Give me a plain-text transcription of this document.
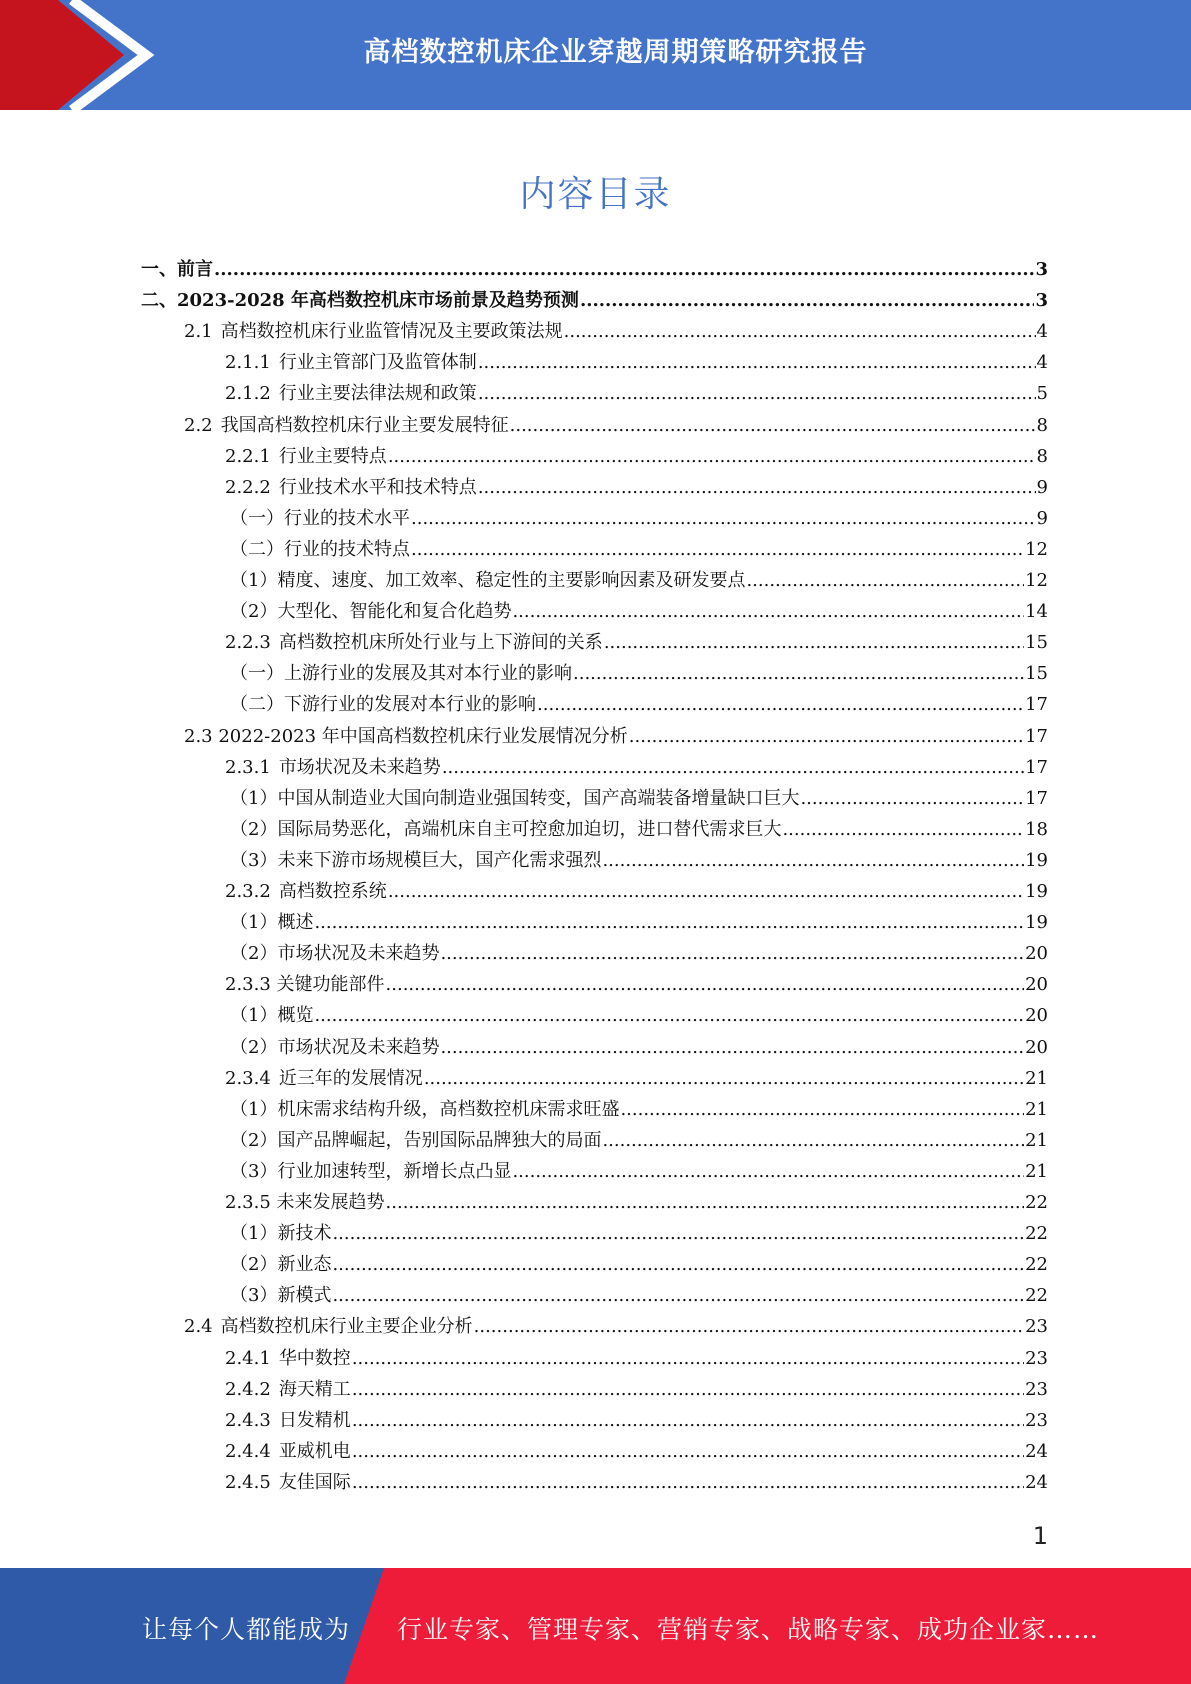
高档数控机床企业穿越周期策略研究报告
内容目录
一、前言 .....	3
二、2023-2028 年高档数控机床市场前景及趋势预测 .....	3
2.1 高档数控机床行业监管情况及主要政策法规 .....	4
2.1.1 行业主管部门及监管体制 .....	4
2.1.2 行业主要法律法规和政策 .....	5
2.2 我国高档数控机床行业主要发展特征 .....	8
2.2.1 行业主要特点 .....	8
2.2.2 行业技术水平和技术特点 .....	9
（一）行业的技术水平 .....	9
（二）行业的技术特点 .....	12
（1）精度、速度、加工效率、稳定性的主要影响因素及研发要点 .....	12
（2）大型化、智能化和复合化趋势 .....	14
2.2.3 高档数控机床所处行业与上下游间的关系 .....	15
（一）上游行业的发展及其对本行业的影响 .....	15
（二）下游行业的发展对本行业的影响 .....	17
2.3 2022-2023 年中国高档数控机床行业发展情况分析 .....	17
2.3.1 市场状况及未来趋势 .....	17
（1）中国从制造业大国向制造业强国转变，国产高端装备增量缺口巨大 .....	17
（2）国际局势恶化，高端机床自主可控愈加迫切，进口替代需求巨大 .....	18
（3）未来下游市场规模巨大，国产化需求强烈 .....	19
2.3.2 高档数控系统 .....	19
（1）概述 .....	19
（2）市场状况及未来趋势 .....	20
2.3.3 关键功能部件 .....	20
（1）概览 .....	20
（2）市场状况及未来趋势 .....	20
2.3.4 近三年的发展情况 .....	21
（1）机床需求结构升级，高档数控机床需求旺盛 .....	21
（2）国产品牌崛起，告别国际品牌独大的局面 .....	21
（3）行业加速转型，新增长点凸显 .....	21
2.3.5 未来发展趋势 .....	22
（1）新技术 .....	22
（2）新业态 .....	22
（3）新模式 .....	22
2.4 高档数控机床行业主要企业分析 .....	23
2.4.1 华中数控 .....	23
2.4.2 海天精工 .....	23
2.4.3 日发精机 .....	23
2.4.4 亚威机电 .....	24
2.4.5 友佳国际 .....	24
1
让每个人都能成为 行业专家、管理专家、营销专家、战略专家、成功企业家……
